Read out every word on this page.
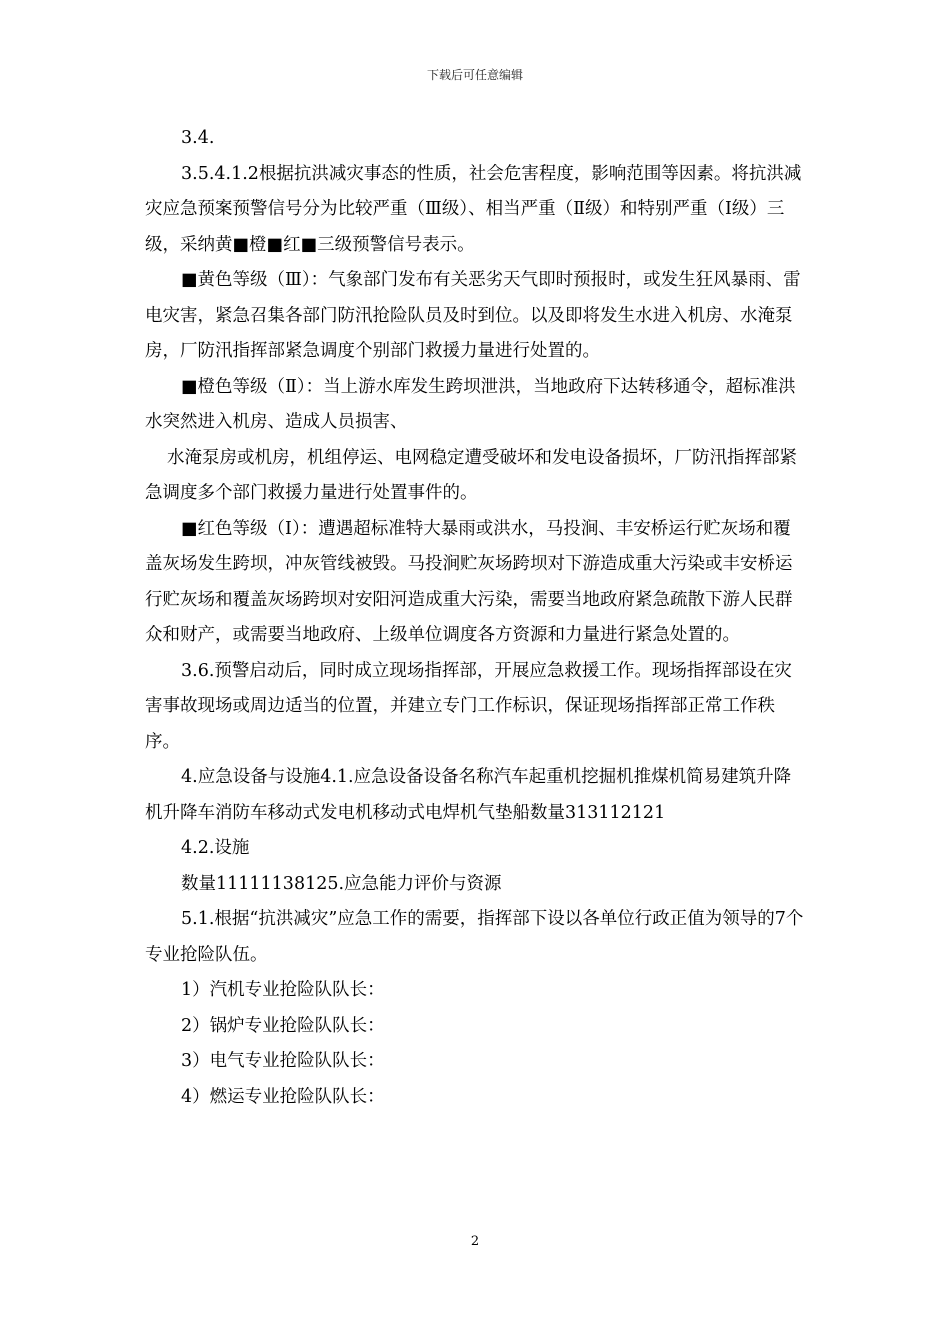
下载后可任意编辑

3.4.

3.5.4.1.2根据抗洪减灾事态的性质，社会危害程度，影响范围等因素。将抗洪减灾应急预案预警信号分为比较严重（Ⅲ级）、相当严重（Ⅱ级）和特别严重（Ⅰ级）三级，采纳黄■橙■红■三级预警信号表示。

■黄色等级（Ⅲ）：气象部门发布有关恶劣天气即时预报时，或发生狂风暴雨、雷电灾害，紧急召集各部门防汛抢险队员及时到位。以及即将发生水进入机房、水淹泵房，厂防汛指挥部紧急调度个别部门救援力量进行处置的。

■橙色等级（Ⅱ）：当上游水库发生跨坝泄洪，当地政府下达转移通令，超标准洪水突然进入机房、造成人员损害、

水淹泵房或机房，机组停运、电网稳定遭受破坏和发电设备损坏，厂防汛指挥部紧急调度多个部门救援力量进行处置事件的。

■红色等级（Ⅰ）：遭遇超标准特大暴雨或洪水，马投涧、丰安桥运行贮灰场和覆盖灰场发生跨坝，冲灰管线被毁。马投涧贮灰场跨坝对下游造成重大污染或丰安桥运行贮灰场和覆盖灰场跨坝对安阳河造成重大污染，需要当地政府紧急疏散下游人民群众和财产，或需要当地政府、上级单位调度各方资源和力量进行紧急处置的。

3.6.预警启动后，同时成立现场指挥部，开展应急救援工作。现场指挥部设在灾害事故现场或周边适当的位置，并建立专门工作标识，保证现场指挥部正常工作秩序。

4.应急设备与设施4.1.应急设备设备名称汽车起重机挖掘机推煤机简易建筑升降机升降车消防车移动式发电机移动式电焊机气垫船数量313112121

4.2.设施

数量11111138125.应急能力评价与资源

5.1.根据“抗洪减灾”应急工作的需要，指挥部下设以各单位行政正值为领导的7个专业抢险队伍。

1）汽机专业抢险队队长：

2）锅炉专业抢险队队长：

3）电气专业抢险队队长：

4）燃运专业抢险队队长：

2
